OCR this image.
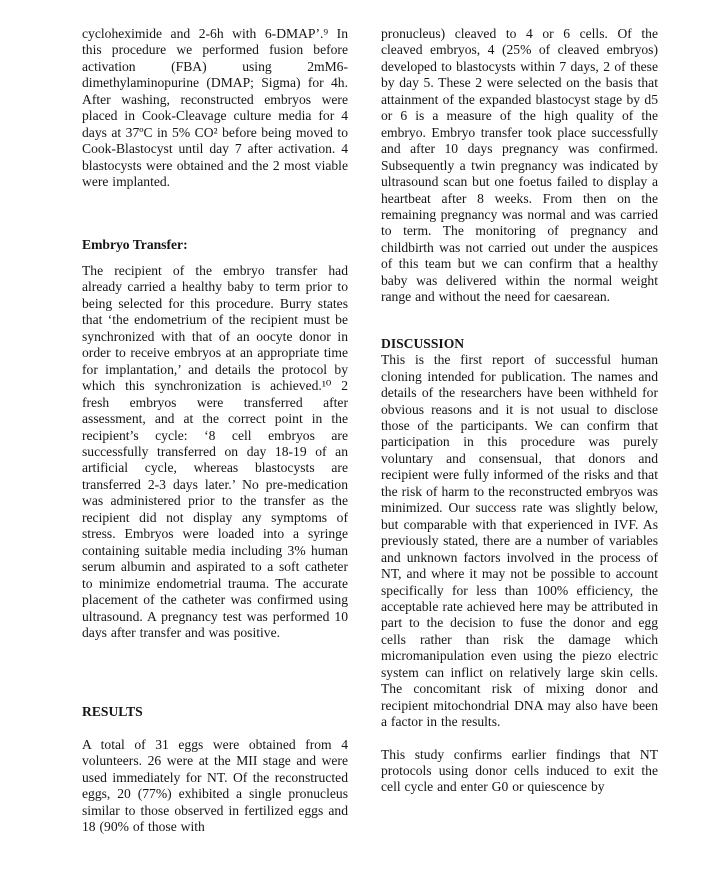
cycloheximide and 2-6h with 6-DMAP’.⁹ In this procedure we performed fusion before activation (FBA) using 2mM6-dimethylaminopurine (DMAP; Sigma) for 4h. After washing, reconstructed embryos were placed in Cook-Cleavage culture media for 4 days at 37ºC in 5% CO² before being moved to Cook-Blastocyst until day 7 after activation. 4 blastocysts were obtained and the 2 most viable were implanted.

Embryo Transfer:

The recipient of the embryo transfer had already carried a healthy baby to term prior to being selected for this procedure. Burry states that ‘the endometrium of the recipient must be synchronized with that of an oocyte donor in order to receive embryos at an appropriate time for implantation,’ and details the protocol by which this synchronization is achieved.¹⁰ 2 fresh embryos were transferred after assessment, and at the correct point in the recipient’s cycle: ‘8 cell embryos are successfully transferred on day 18-19 of an artificial cycle, whereas blastocysts are transferred 2-3 days later.’ No pre-medication was administered prior to the transfer as the recipient did not display any symptoms of stress. Embryos were loaded into a syringe containing suitable media including 3% human serum albumin and aspirated to a soft catheter to minimize endometrial trauma. The accurate placement of the catheter was confirmed using ultrasound. A pregnancy test was performed 10 days after transfer and was positive.

RESULTS

A total of 31 eggs were obtained from 4 volunteers. 26 were at the MII stage and were used immediately for NT. Of the reconstructed eggs, 20 (77%) exhibited a single pronucleus similar to those observed in fertilized eggs and 18 (90% of those with

pronucleus) cleaved to 4 or 6 cells. Of the cleaved embryos, 4 (25% of cleaved embryos) developed to blastocysts within 7 days, 2 of these by day 5. These 2 were selected on the basis that attainment of the expanded blastocyst stage by d5 or 6 is a measure of the high quality of the embryo. Embryo transfer took place successfully and after 10 days pregnancy was confirmed. Subsequently a twin pregnancy was indicated by ultrasound scan but one foetus failed to display a heartbeat after 8 weeks. From then on the remaining pregnancy was normal and was carried to term. The monitoring of pregnancy and childbirth was not carried out under the auspices of this team but we can confirm that a healthy baby was delivered within the normal weight range and without the need for caesarean.

DISCUSSION

This is the first report of successful human cloning intended for publication. The names and details of the researchers have been withheld for obvious reasons and it is not usual to disclose those of the participants. We can confirm that participation in this procedure was purely voluntary and consensual, that donors and recipient were fully informed of the risks and that the risk of harm to the reconstructed embryos was minimized. Our success rate was slightly below, but comparable with that experienced in IVF. As previously stated, there are a number of variables and unknown factors involved in the process of NT, and where it may not be possible to account specifically for less than 100% efficiency, the acceptable rate achieved here may be attributed in part to the decision to fuse the donor and egg cells rather than risk the damage which micromanipulation even using the piezo electric system can inflict on relatively large skin cells. The concomitant risk of mixing donor and recipient mitochondrial DNA may also have been a factor in the results.

This study confirms earlier findings that NT protocols using donor cells induced to exit the cell cycle and enter G0 or quiescence by
